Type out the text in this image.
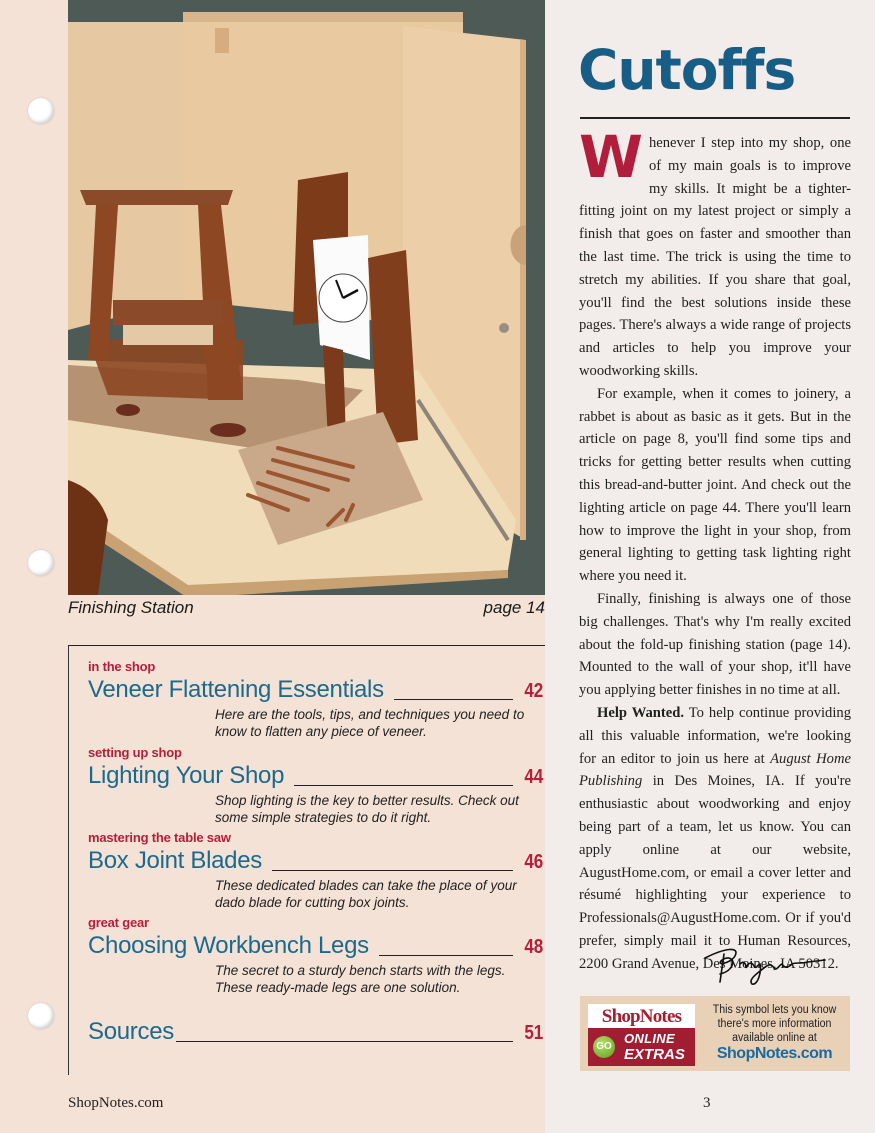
Finishing Station	page 14
in the shop
Veneer Flattening Essentials	42
Here are the tools, tips, and techniques you need to know to flatten any piece of veneer.
setting up shop
Lighting Your Shop	44
Shop lighting is the key to better results. Check out some simple strategies to do it right.
mastering the table saw
Box Joint Blades	46
These dedicated blades can take the place of your dado blade for cutting box joints.
great gear
Choosing Workbench Legs	48
The secret to a sturdy bench starts with the legs. These ready-made legs are one solution.
Sources	51
Cutoffs

Whenever I step into my shop, one of my main goals is to improve my skills. It might be a tighter-fitting joint on my latest project or simply a finish that goes on faster and smoother than the last time. The trick is using the time to stretch my abilities. If you share that goal, you'll find the best solutions inside these pages. There's always a wide range of projects and articles to help you improve your woodworking skills.

For example, when it comes to joinery, a rabbet is about as basic as it gets. But in the article on page 8, you'll find some tips and tricks for getting better results when cutting this bread-and-butter joint. And check out the lighting article on page 44. There you'll learn how to improve the light in your shop, from general lighting to getting task lighting right where you need it.

Finally, finishing is always one of those big challenges. That's why I'm really excited about the fold-up finishing station (page 14). Mounted to the wall of your shop, it'll have you applying better finishes in no time at all.

Help Wanted. To help continue providing all this valuable information, we're looking for an editor to join us here at August Home Publishing in Des Moines, IA. If you're enthusiastic about woodworking and enjoy being part of a team, let us know. You can apply online at our website, AugustHome.com, or email a cover letter and résumé highlighting your experience to Professionals@AugustHome.com. Or if you'd prefer, simply mail it to Human Resources, 2200 Grand Avenue, Des Moines, IA 50312.

ShopNotes
GO
ONLINE
EXTRAS
This symbol lets you know there's more information available online at
ShopNotes.com
ShopNotes.com	3
